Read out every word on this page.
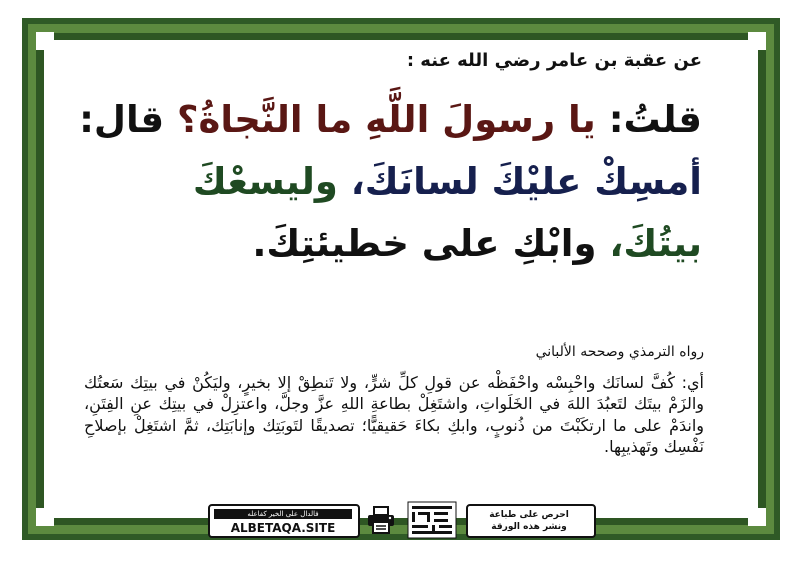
عن عقبة بن عامر رضي الله عنه :
قلتُ: يا رسولَ اللَّهِ ما النَّجاةُ؟ قال:
أمسِكْ عليْكَ لسانَكَ، وليسعْكَ
بيتُكَ، وابْكِ على خطيئتِكَ.
رواه الترمذي وصححه الألباني
أي: كُفَّ لسانَك واحْبِسْه واحْفَظْه عن قولِ كلِّ شرٍّ، ولا تَنطِقْ إلا بخيرٍ، وليَكُنْ في بيتِك سَعتُك والزَمْ بيتَك لتَعبُدَ اللهَ في الخَلَواتِ، واشتَغِلْ بطاعةِ اللهِ عزَّ وجلَّ، واعتزِلْ في بيتِك عنِ الفِتَنِ، واندَمْ على ما ارتكَبْتَ من ذُنوبٍ، وابكِ بكاءَ حَقيقيًّا؛ تصديقًا لتَوبَتِك وإنابَتِك، ثمَّ اشتَغِلْ بإصلاحِ نَفْسِك وتَهذيبِها.
فالدال على الخير كفاعله
ALBETAQA.SITE
احرص على طباعة
ونشر هذه الورقة
